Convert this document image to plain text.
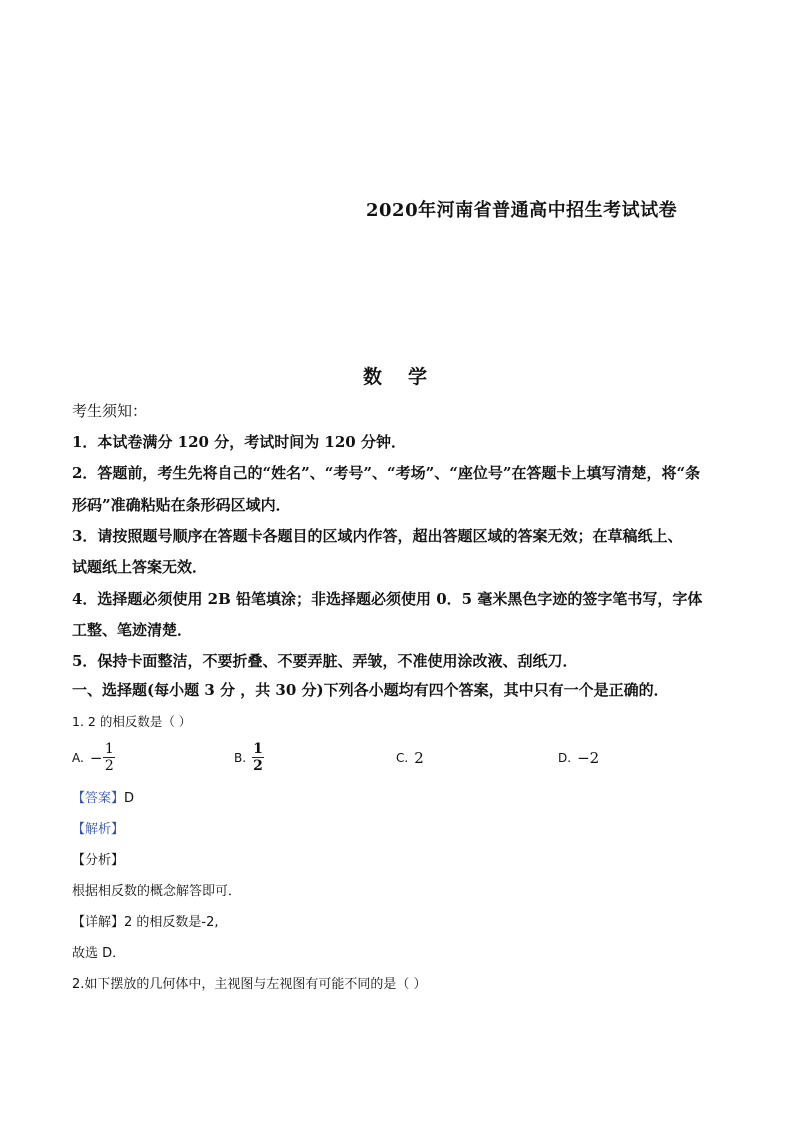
2020年河南省普通高中招生考试试卷
数学
考生须知：
1．本试卷满分 120 分，考试时间为 120 分钟．
2．答题前，考生先将自己的“姓名”、“考号”、“考场”、“座位号”在答题卡上填写清楚，将“条
形码”准确粘贴在条形码区域内．
3．请按照题号顺序在答题卡各题目的区域内作答，超出答题区域的答案无效；在草稿纸上、
试题纸上答案无效．
4．选择题必须使用 2B 铅笔填涂；非选择题必须使用 0．5 毫米黑色字迹的签字笔书写，字体
工整、笔迹清楚．
5．保持卡面整洁，不要折叠、不要弄脏、弄皱，不准使用涂改液、刮纸刀．
一、选择题(每小题 3 分 ，共 30 分)下列各小题均有四个答案，其中只有一个是正确的．
1. 2 的相反数是（ ）
A. − $\frac{1}{2}$	B. $\frac{1}{2}$	C. 2	D. −2
【答案】D
【解析】
【分析】
根据相反数的概念解答即可．
【详解】2 的相反数是-2,
故选 D．
2.如下摆放的几何体中，主视图与左视图有可能不同的是（ ）
